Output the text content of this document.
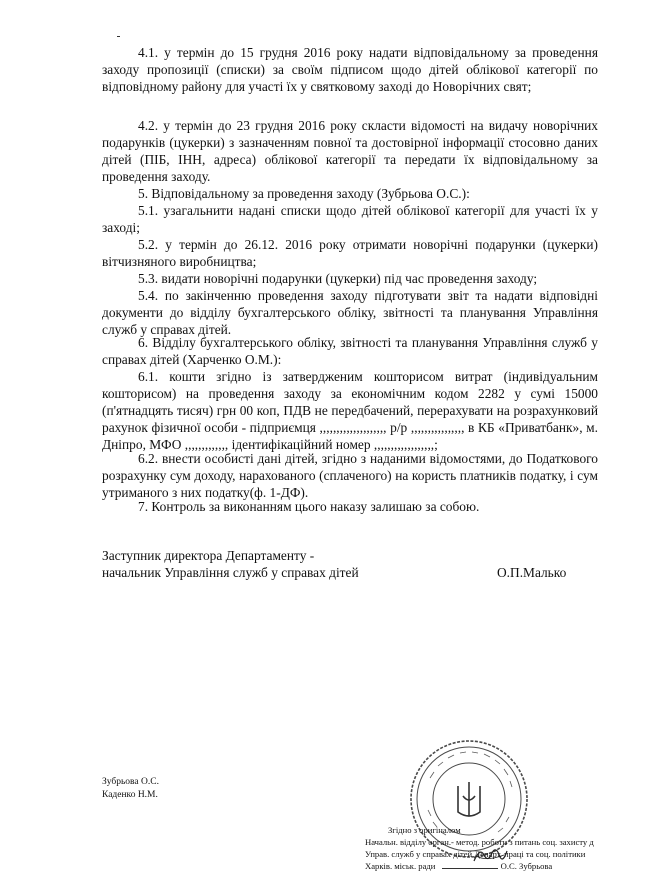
4.1. у термін до 15 грудня 2016 року надати відповідальному за проведення заходу пропозиції (списки) за своїм підписом щодо дітей облікової категорії по відповідному району для участі їх у святковому заході до Новорічних свят;

4.2. у термін до 23 грудня 2016 року скласти відомості на видачу новорічних подарунків (цукерки) з зазначенням повної та достовірної інформації стосовно даних дітей (ПІБ, ІНН, адреса) облікової категорії та передати їх відповідальному за проведення заходу.

5. Відповідальному за проведення заходу (Зубрьова О.С.):

5.1. узагальнити надані списки щодо дітей облікової категорії для участі їх у заході;

5.2. у термін до 26.12. 2016 року отримати новорічні подарунки (цукерки) вітчизняного виробництва;

5.3. видати новорічні подарунки (цукерки) під час проведення заходу;

5.4. по закінченню проведення заходу підготувати звіт та надати відповідні документи до відділу бухгалтерського обліку, звітності та планування Управління служб у справах дітей.

6. Відділу бухгалтерського обліку, звітності та планування Управління служб у справах дітей (Харченко О.М.):

6.1. кошти згідно із затвердженим кошторисом витрат (індивідуальним кошторисом) на проведення заходу за економічним кодом 2282 у сумі 15000 (п'ятнадцять тисяч) грн 00 коп, ПДВ не передбачений, перерахувати на розрахунковий рахунок фізичної особи - підприємця ,,,,,,,,,,,,,,,,,,,, р/р ,,,,,,,,,,,,,,,, в КБ «Приватбанк», м. Дніпро, МФО ,,,,,,,,,,,,, ідентифікаційний номер ,,,,,,,,,,,,,,,,,,;

6.2. внести особисті дані дітей, згідно з наданими відомостями, до Податкового розрахунку сум доходу, нарахованого (сплаченого) на користь платників податку, і сум утриманого з них податку(ф. 1-ДФ).

7. Контроль за виконанням цього наказу залишаю за собою.

Заступник директора Департаменту -
начальник Управління служб у справах дітей	О.П.Малько
Зубрьова О.С.
Каденко Н.М.
Згідно з оригіналом
Начальн. відділу орган.- метод. роботи з питань соц. захисту д
Управ. служб у справах дітей Департ. праці та соц. політики
Харків. міськ. ради	О.С. Зубрьова
